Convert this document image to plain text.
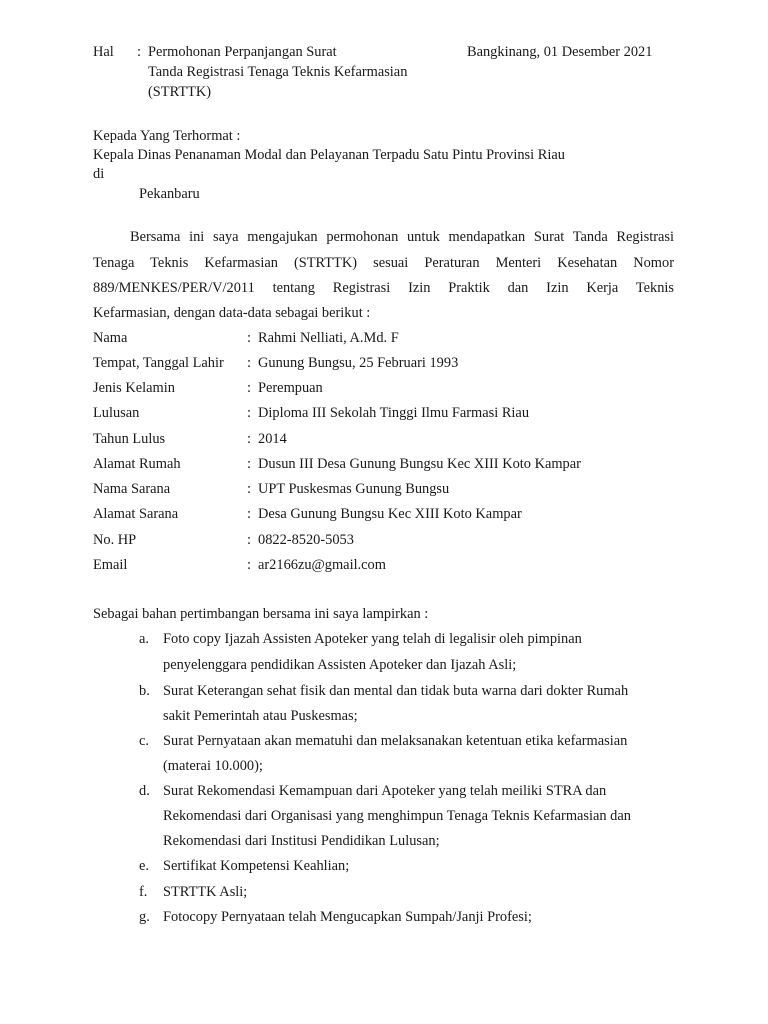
Hal : Permohonan Perpanjangan Surat
Tanda Registrasi Tenaga Teknis Kefarmasian
(STRTTK)
Bangkinang, 01 Desember 2021
Kepada Yang Terhormat :
Kepala Dinas Penanaman Modal dan Pelayanan Terpadu Satu Pintu Provinsi Riau
di
Pekanbaru
Bersama ini saya mengajukan permohonan untuk mendapatkan Surat Tanda Registrasi
Tenaga Teknis Kefarmasian (STRTTK) sesuai Peraturan Menteri Kesehatan Nomor
889/MENKES/PER/V/2011 tentang Registrasi Izin Praktik dan Izin Kerja Teknis
Kefarmasian, dengan data-data sebagai berikut :
Nama	: Rahmi Nelliati, A.Md. F
Tempat, Tanggal Lahir : Gunung Bungsu, 25 Februari 1993
Jenis Kelamin	: Perempuan
Lulusan	: Diploma III Sekolah Tinggi Ilmu Farmasi Riau
Tahun Lulus	: 2014
Alamat Rumah	: Dusun III Desa Gunung Bungsu Kec XIII Koto Kampar
Nama Sarana	: UPT Puskesmas Gunung Bungsu
Alamat Sarana	: Desa Gunung Bungsu Kec XIII Koto Kampar
No. HP	: 0822-8520-5053
Email	: ar2166zu@gmail.com
Sebagai bahan pertimbangan bersama ini saya lampirkan :
a. Foto copy Ijazah Assisten Apoteker yang telah di legalisir oleh pimpinan
penyelenggara pendidikan Assisten Apoteker dan Ijazah Asli;
b. Surat Keterangan sehat fisik dan mental dan tidak buta warna dari dokter Rumah
sakit Pemerintah atau Puskesmas;
c. Surat Pernyataan akan mematuhi dan melaksanakan ketentuan etika kefarmasian
(materai 10.000);
d. Surat Rekomendasi Kemampuan dari Apoteker yang telah meiliki STRA dan
Rekomendasi dari Organisasi yang menghimpun Tenaga Teknis Kefarmasian dan
Rekomendasi dari Institusi Pendidikan Lulusan;
e. Sertifikat Kompetensi Keahlian;
f. STRTTK Asli;
g. Fotocopy Pernyataan telah Mengucapkan Sumpah/Janji Profesi;
